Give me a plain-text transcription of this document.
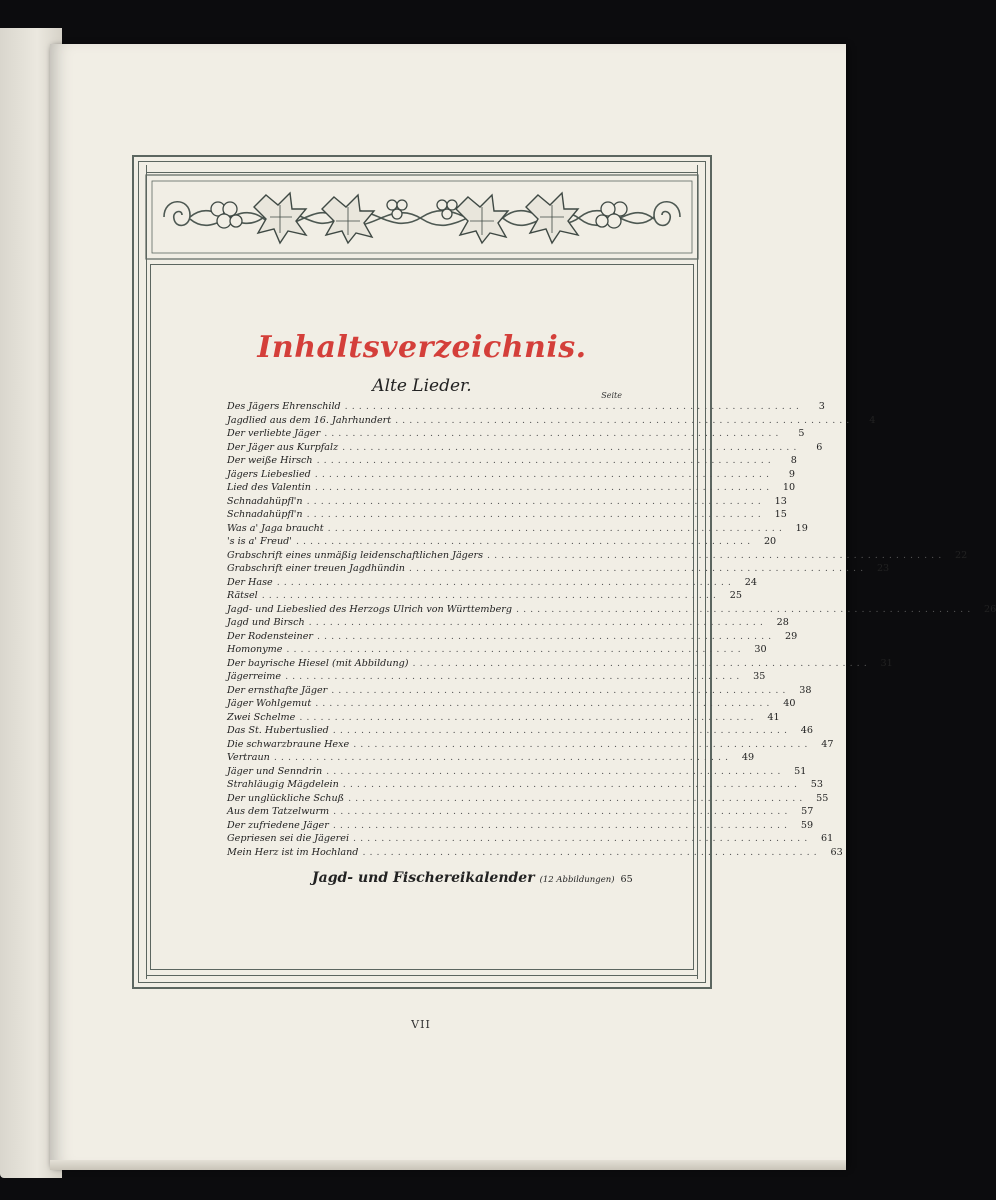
Inhaltsverzeichnis.
Alte Lieder.	Seite
Des Jägers Ehrenschild .................................................................	3
Jagdlied aus dem 16. Jahrhundert .................................................................	4
Der verliebte Jäger .................................................................	5
Der Jäger aus Kurpfalz .................................................................	6
Der weiße Hirsch .................................................................	8
Jägers Liebeslied .................................................................	9
Lied des Valentin .................................................................	10
Schnadahüpfl'n .................................................................	13
Schnadahüpfl'n .................................................................	15
Was a' Jaga braucht .................................................................	19
's is a' Freud' .................................................................	20
Grabschrift eines unmäßig leidenschaftlichen Jägers .................................................................	22
Grabschrift einer treuen Jagdhündin .................................................................	23
Der Hase .................................................................	24
Rätsel .................................................................	25
Jagd- und Liebeslied des Herzogs Ulrich von Württemberg .................................................................	26
Jagd und Birsch .................................................................	28
Der Rodensteiner .................................................................	29
Homonyme .................................................................	30
Der bayrische Hiesel (mit Abbildung) .................................................................	31
Jägerreime .................................................................	35
Der ernsthafte Jäger .................................................................	38
Jäger Wohlgemut .................................................................	40
Zwei Schelme .................................................................	41
Das St. Hubertuslied .................................................................	46
Die schwarzbraune Hexe .................................................................	47
Vertraun .................................................................	49
Jäger und Senndrin .................................................................	51
Strahläugig Mägdelein .................................................................	53
Der unglückliche Schuß .................................................................	55
Aus dem Tatzelwurm .................................................................	57
Der zufriedene Jäger .................................................................	59
Gepriesen sei die Jägerei .................................................................	61
Mein Herz ist im Hochland .................................................................	63
Jagd- und Fischereikalender (12 Abbildungen) 65
VII
